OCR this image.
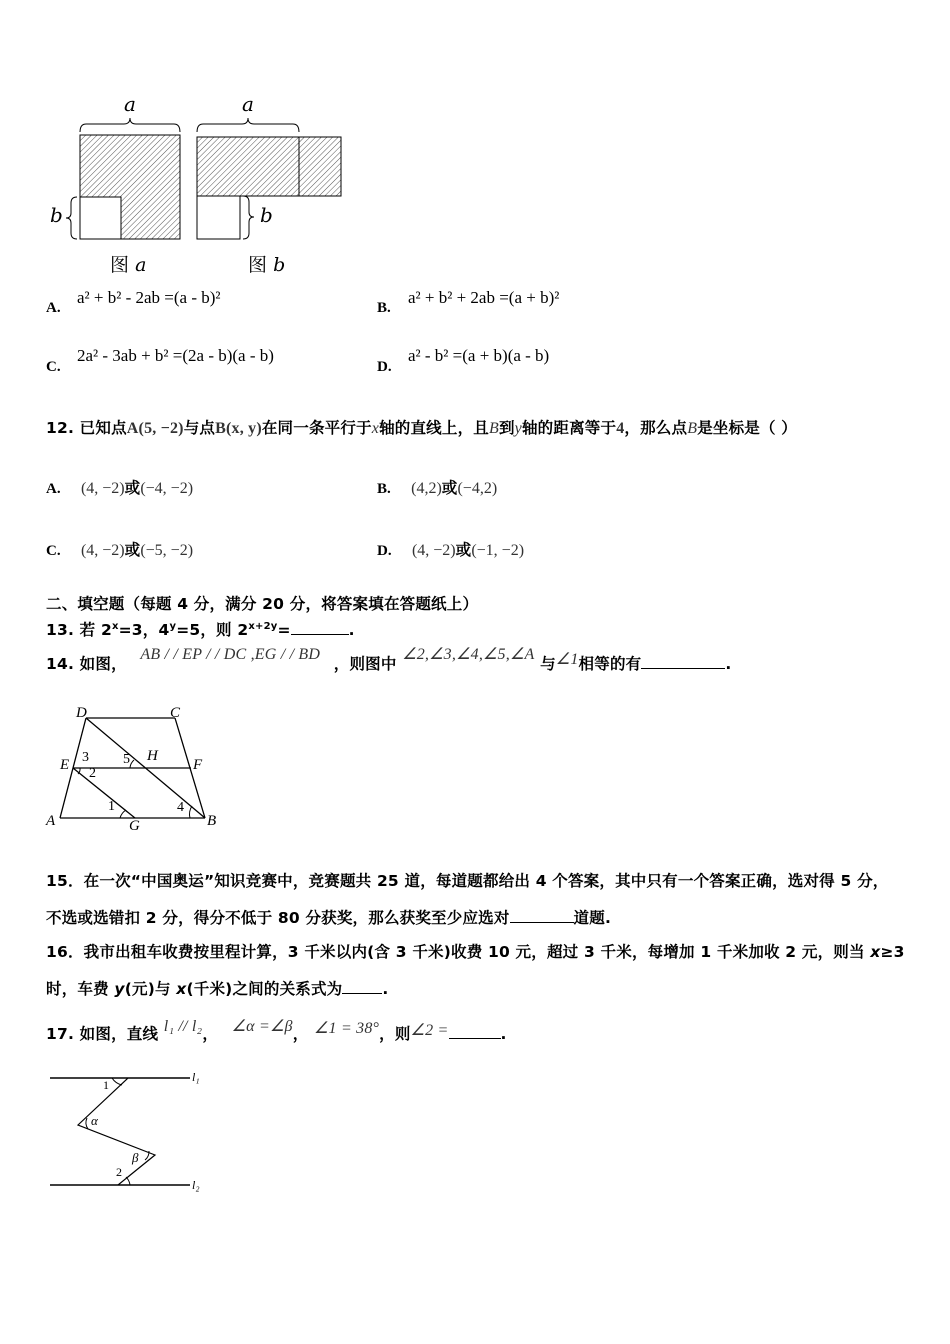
a	a
b	b
图 a	图 b
A.
a² + b² - 2ab =(a - b)²
B.
a² + b² + 2ab =(a + b)²
C.
2a² - 3ab + b² =(2a - b)(a - b)
D.
a² - b² =(a + b)(a - b)
12. 已知点A(5, −2)与点B(x, y)在同一条平行于x轴的直线上，且B到y轴的距离等于4，那么点B是坐标是（ ）
A. (4, −2)或(−4, −2)	B. (4,2)或(−4,2)
C. (4, −2)或(−5, −2)	D. (4, −2)或(−1, −2)
二、填空题（每题 4 分，满分 20 分，将答案填在答题纸上）
13. 若 $2^x=3$，$4^y=5$，则 $2^{x+2y}=$	.
14. 如图， AB / / EP / / DC ,EG / / BD ，则图中 ∠2,∠3,∠4,∠5,∠A 与∠1相等的有	.
D	C
E
H
F
A	G	B
1
2
3
4
5
15．在一次“中国奥运”知识竞赛中，竞赛题共 25 道，每道题都给出 4 个答案，其中只有一个答案正确，选对得 5 分，
不选或选错扣 2 分，得分不低于 80 分获奖，那么获奖至少应选对	道题.
16．我市出租车收费按里程计算，3 千米以内(含 3 千米)收费 10 元，超过 3 千米，每增加 1 千米加收 2 元，则当 x≥3
时，车费 y(元)与 x(千米)之间的关系式为	.
17. 如图，直线 l₁ // l₂， ∠α =∠β， ∠1 = 38°，则∠2 =	.
l₁
l₂
1
α
β
2
